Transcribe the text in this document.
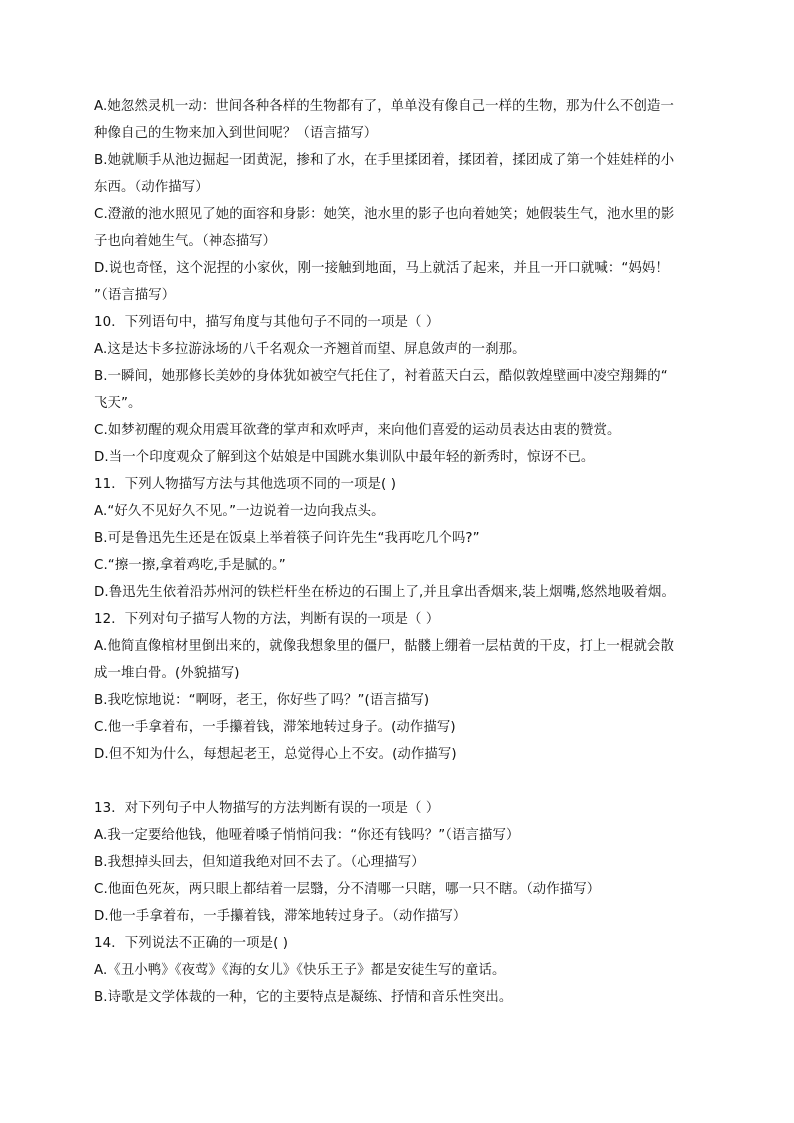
A.她忽然灵机一动：世间各种各样的生物都有了，单单没有像自己一样的生物，那为什么不创造一
种像自己的生物来加入到世间呢？（语言描写）
B.她就顺手从池边掘起一团黄泥，掺和了水，在手里揉团着，揉团着，揉团成了第一个娃娃样的小
东西。（动作描写）
C.澄澈的池水照见了她的面容和身影：她笑，池水里的影子也向着她笑；她假装生气，池水里的影
子也向着她生气。（神态描写）
D.说也奇怪，这个泥捏的小家伙，刚一接触到地面，马上就活了起来，并且一开口就喊：“妈妈！
”（语言描写）
10．下列语句中，描写角度与其他句子不同的一项是（ ）
A.这是达卡多拉游泳场的八千名观众一齐翘首而望、屏息敛声的一刹那。
B.一瞬间，她那修长美妙的身体犹如被空气托住了，衬着蓝天白云，酷似敦煌壁画中凌空翔舞的“
飞天”。
C.如梦初醒的观众用震耳欲聋的掌声和欢呼声，来向他们喜爱的运动员表达由衷的赞赏。
D.当一个印度观众了解到这个姑娘是中国跳水集训队中最年轻的新秀时，惊讶不已。
11．下列人物描写方法与其他选项不同的一项是( )
A.“好久不见好久不见。”一边说着一边向我点头。
B.可是鲁迅先生还是在饭桌上举着筷子问许先生“我再吃几个吗?”
C.“擦一擦,拿着鸡吃,手是腻的。”
D.鲁迅先生依着沿苏州河的铁栏杆坐在桥边的石围上了,并且拿出香烟来,装上烟嘴,悠然地吸着烟。
12．下列对句子描写人物的方法，判断有误的一项是（ ）
A.他简直像棺材里倒出来的，就像我想象里的僵尸，骷髅上绷着一层枯黄的干皮，打上一棍就会散
成一堆白骨。(外貌描写)
B.我吃惊地说：“啊呀，老王，你好些了吗？”(语言描写)
C.他一手拿着布，一手攥着钱，滞笨地转过身子。(动作描写)
D.但不知为什么，每想起老王，总觉得心上不安。(动作描写)
13．对下列句子中人物描写的方法判断有误的一项是（ ）
A.我一定要给他钱，他哑着嗓子悄悄问我：“你还有钱吗？”（语言描写）
B.我想掉头回去，但知道我绝对回不去了。（心理描写）
C.他面色死灰，两只眼上都结着一层翳，分不清哪一只瞎，哪一只不瞎。（动作描写）
D.他一手拿着布，一手攥着钱，滞笨地转过身子。（动作描写）
14．下列说法不正确的一项是( )
A.《丑小鸭》《夜莺》《海的女儿》《快乐王子》都是安徒生写的童话。
B.诗歌是文学体裁的一种，它的主要特点是凝练、抒情和音乐性突出。
